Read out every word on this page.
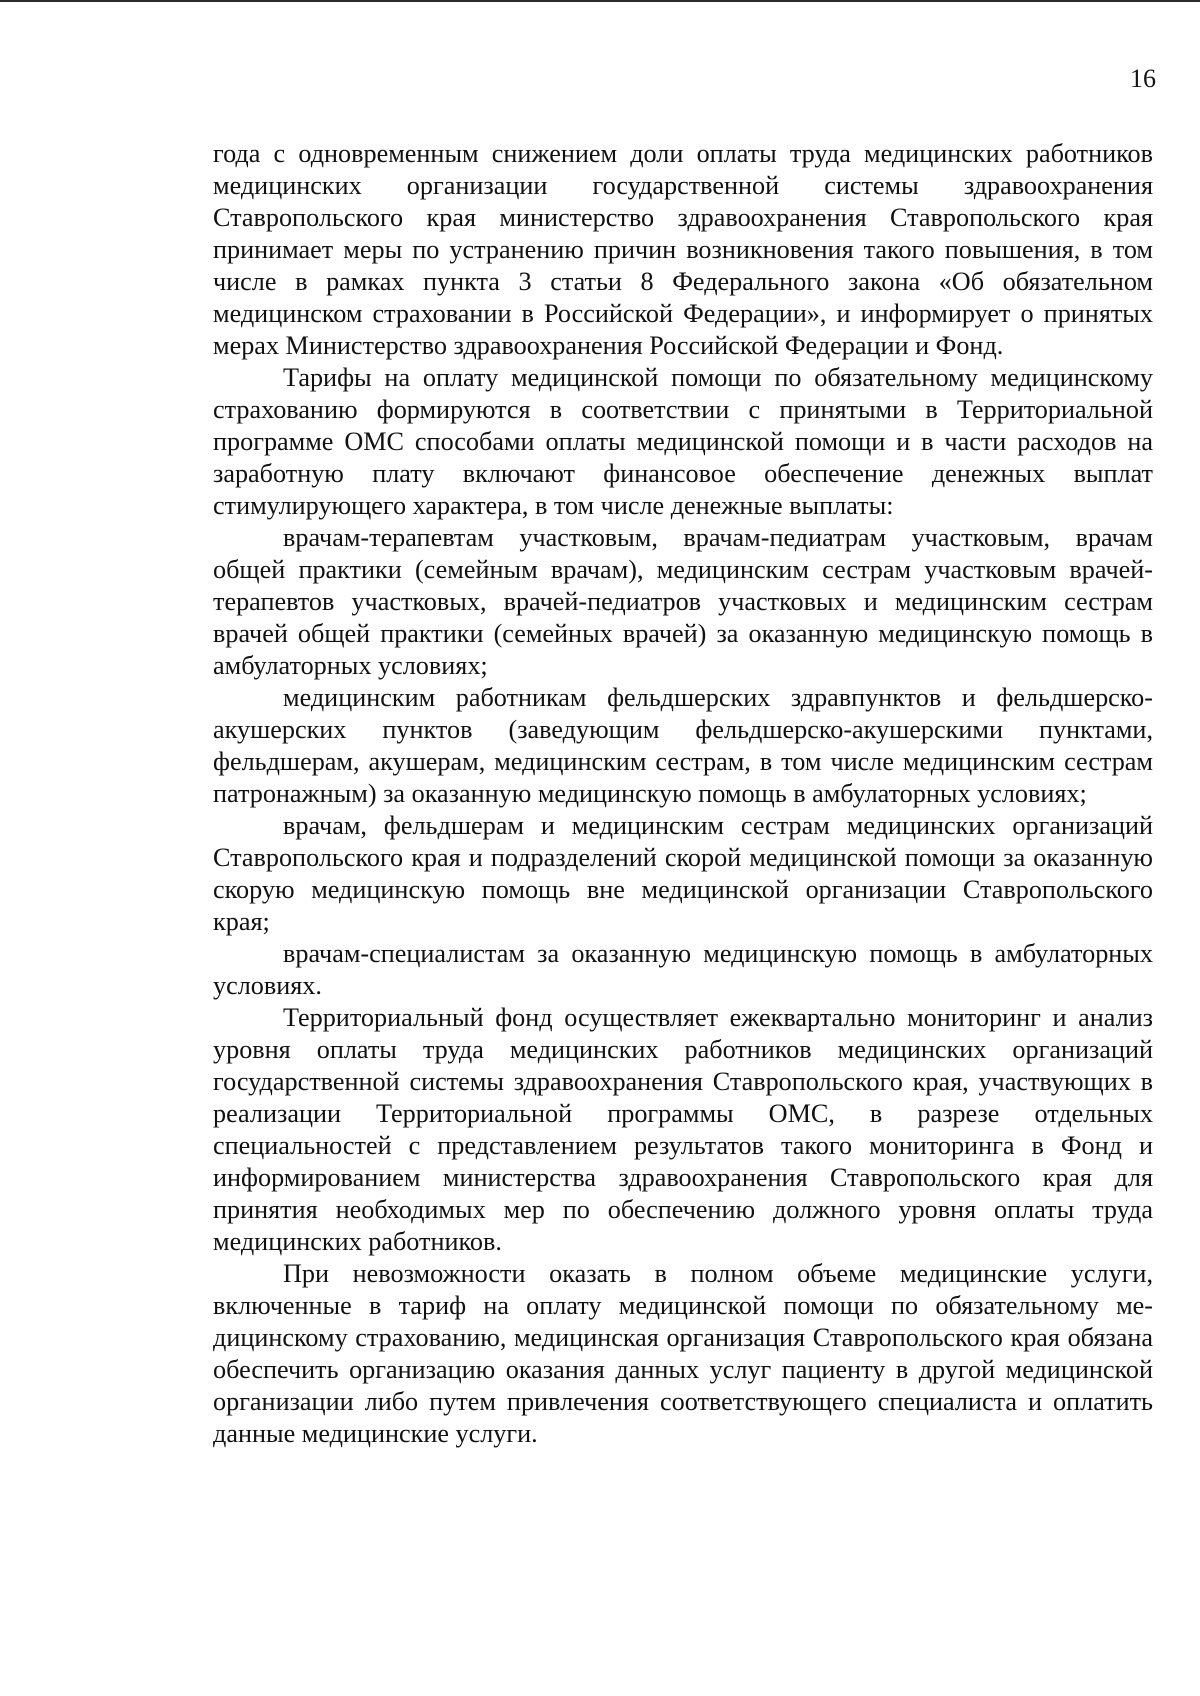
16

года с одновременным снижением доли оплаты труда медицинских работников медицинских организации государственной системы здравоохранения Ставропольского края министерство здравоохранения Ставропольского края принимает меры по устранению причин возникновения такого повышения, в том числе в рамках пункта 3 статьи 8 Федерального закона «Об обязательном медицинском страховании в Российской Федерации», и информирует о принятых мерах Министерство здравоохранения Российской Федерации и Фонд.

Тарифы на оплату медицинской помощи по обязательному медицинскому страхованию формируются в соответствии с принятыми в Территориальной программе ОМС способами оплаты медицинской помощи и в части расходов на заработную плату включают финансовое обеспечение денежных выплат стимулирующего характера, в том числе денежные выплаты:

врачам-терапевтам участковым, врачам-педиатрам участковым, врачам общей практики (семейным врачам), медицинским сестрам участковым врачей-терапевтов участковых, врачей-педиатров участковых и медицинским сестрам врачей общей практики (семейных врачей) за оказанную медицинскую помощь в амбулаторных условиях;

медицинским работникам фельдшерских здравпунктов и фельдшерско-акушерских пунктов (заведующим фельдшерско-акушерскими пунктами, фельдшерам, акушерам, медицинским сестрам, в том числе медицинским сестрам патронажным) за оказанную медицинскую помощь в амбулаторных условиях;

врачам, фельдшерам и медицинским сестрам медицинских организаций Ставропольского края и подразделений скорой медицинской помощи за оказанную скорую медицинскую помощь вне медицинской организации Ставропольского края;

врачам-специалистам за оказанную медицинскую помощь в амбулаторных условиях.

Территориальный фонд осуществляет ежеквартально мониторинг и анализ уровня оплаты труда медицинских работников медицинских организаций государственной системы здравоохранения Ставропольского края, участвующих в реализации Территориальной программы ОМС, в разрезе отдельных специальностей с представлением результатов такого мониторинга в Фонд и информированием министерства здравоохранения Ставропольского края для принятия необходимых мер по обеспечению должного уровня оплаты труда медицинских работников.

При невозможности оказать в полном объеме медицинские услуги, включенные в тариф на оплату медицинской помощи по обязательному медицинскому страхованию, медицинская организация Ставропольского края обязана обеспечить организацию оказания данных услуг пациенту в другой медицинской организации либо путем привлечения соответствующего специалиста и оплатить данные медицинские услуги.
